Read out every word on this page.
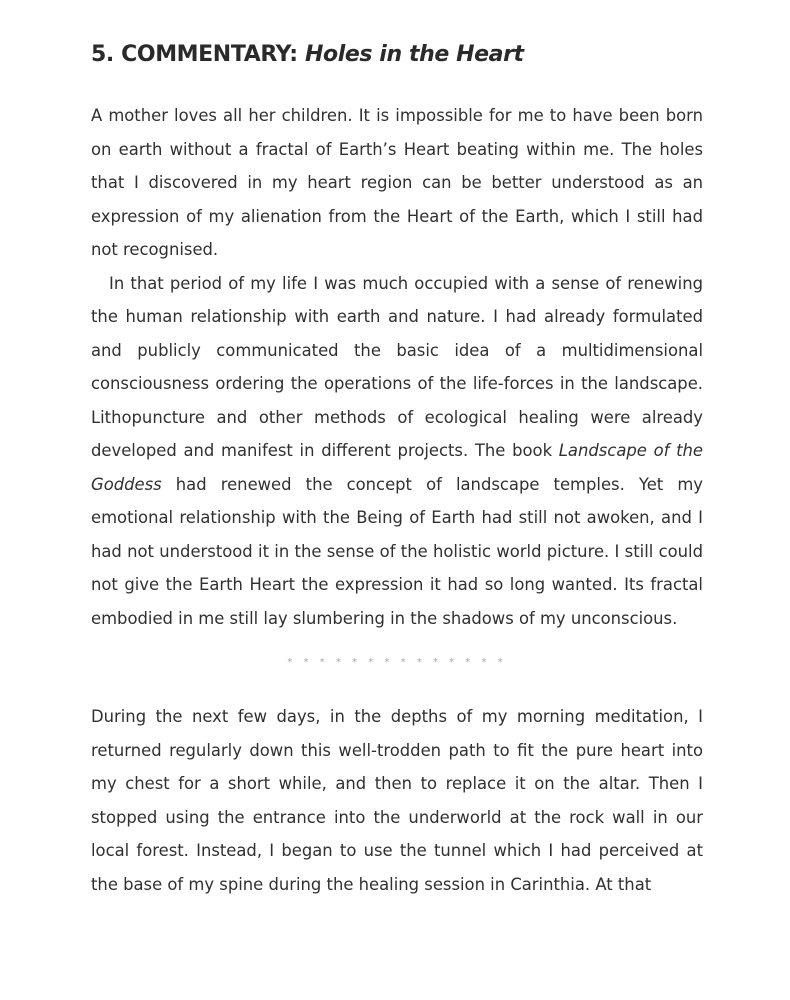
5. COMMENTARY: Holes in the Heart

A mother loves all her children. It is impossible for me to have been born on earth without a fractal of Earth’s Heart beating within me. The holes that I discovered in my heart region can be better understood as an expression of my alienation from the Heart of the Earth, which I still had not recognised.

In that period of my life I was much occupied with a sense of renewing the human relationship with earth and nature. I had already formulated and publicly communicated the basic idea of a multidimensional consciousness ordering the operations of the life-forces in the landscape. Lithopuncture and other methods of ecological healing were already developed and manifest in different projects. The book Landscape of the Goddess had renewed the concept of landscape temples. Yet my emotional relationship with the Being of Earth had still not awoken, and I had not understood it in the sense of the holistic world picture. I still could not give the Earth Heart the expression it had so long wanted. Its fractal embodied in me still lay slumbering in the shadows of my unconscious.

* * * * * * * * * * * * * *

During the next few days, in the depths of my morning meditation, I returned regularly down this well-trodden path to fit the pure heart into my chest for a short while, and then to replace it on the altar. Then I stopped using the entrance into the underworld at the rock wall in our local forest. Instead, I began to use the tunnel which I had perceived at the base of my spine during the healing session in Carinthia. At that
